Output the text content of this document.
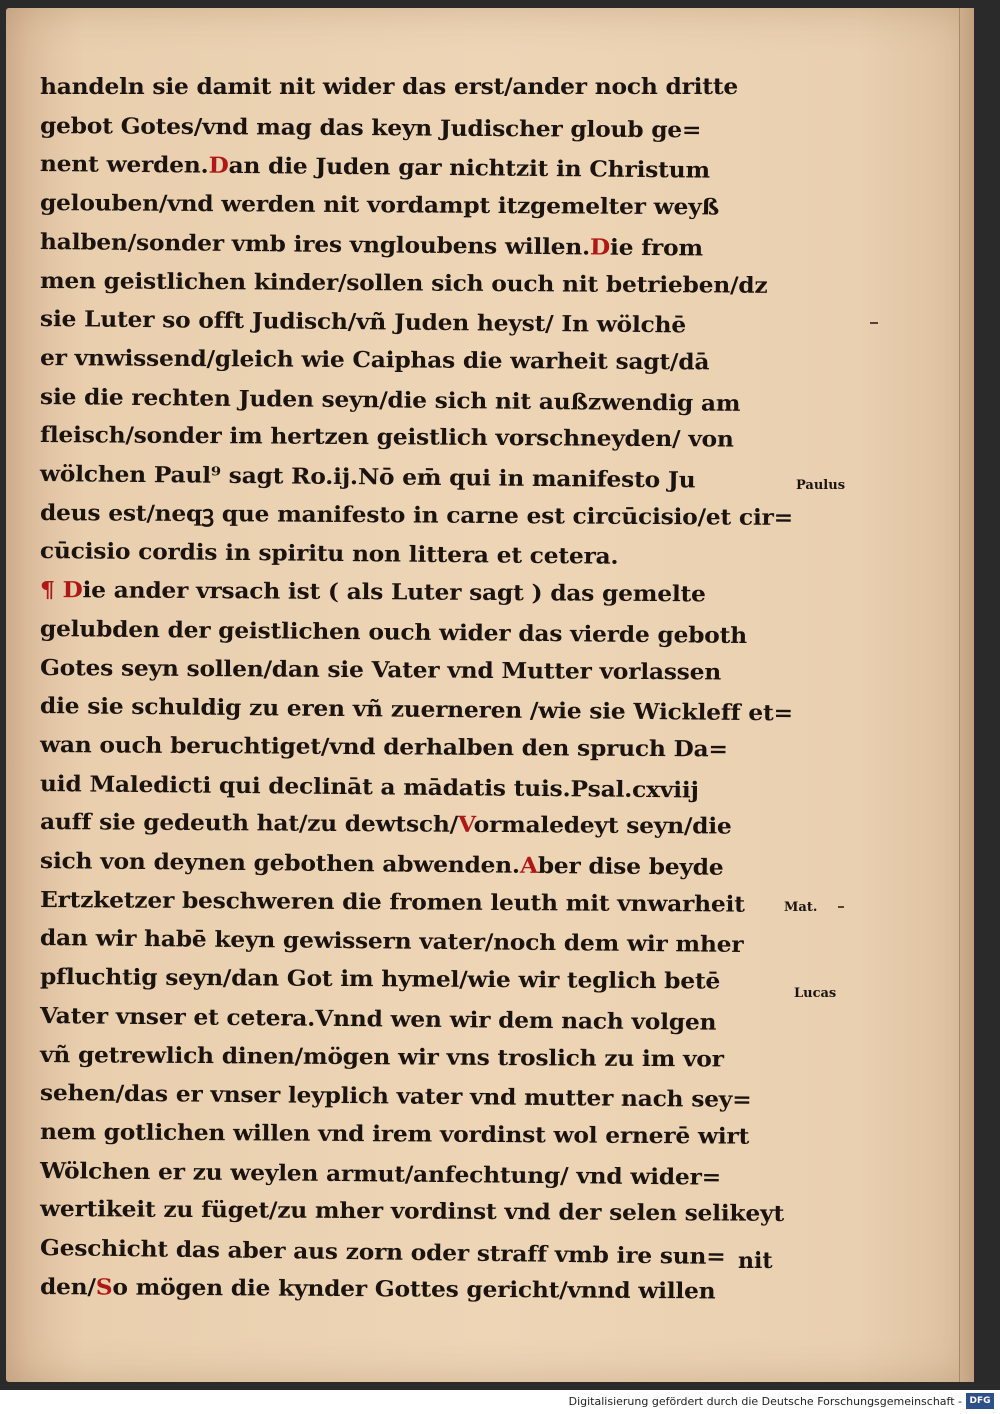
handeln sie damit nit wider das erst/ander noch dritte
gebot Gotes/vnd mag das keyn Judischer gloub ge=
nent werden.Dan die Juden gar nichtzit in Christum
gelouben/vnd werden nit vordampt itzgemelter weyß
halben/sonder vmb ires vngloubens willen.Die from
men geistlichen kinder/sollen sich ouch nit betrieben/dz
sie Luter so offt Judisch/vñ Juden heyst/ In wölchē
er vnwissend/gleich wie Caiphas die warheit sagt/dā
sie die rechten Juden seyn/die sich nit außzwendig am
fleisch/sonder im hertzen geistlich vorschneyden/ von
wölchen Paul⁹ sagt Ro.ij.Nō em̄ qui in manifesto Ju
deus est/neqꝫ que manifesto in carne est circūcisio/et cir=
cūcisio cordis in spiritu non littera et cetera.
¶ Die ander vrsach ist ( als Luter sagt ) das gemelte
gelubden der geistlichen ouch wider das vierde geboth
Gotes seyn sollen/dan sie Vater vnd Mutter vorlassen
die sie schuldig zu eren vñ zuerneren /wie sie Wickleff et=
wan ouch beruchtiget/vnd derhalben den spruch Da=
uid Maledicti qui declināt a mādatis tuis.Psal.cxviij
auff sie gedeuth hat/zu dewtsch/Vormaledeyt seyn/die
sich von deynen gebothen abwenden.Aber dise beyde
Ertzketzer beschweren die fromen leuth mit vnwarheit
dan wir habē keyn gewissern vater/noch dem wir mher
pfluchtig seyn/dan Got im hymel/wie wir teglich betē
Vater vnser et cetera.Vnnd wen wir dem nach volgen
vñ getrewlich dinen/mögen wir vns troslich zu im vor
sehen/das er vnser leyplich vater vnd mutter nach sey=
nem gotlichen willen vnd irem vordinst wol ernerē wirt
Wölchen er zu weylen armut/anfechtung/ vnd wider=
wertikeit zu füget/zu mher vordinst vnd der selen selikeyt
Geschicht das aber aus zorn oder straff vmb ire sun=
den/So mögen die kynder Gottes gericht/vnnd willen
nit
Paulus
Mat.
Lucas
Digitalisierung gefördert durch die Deutsche Forschungsgemeinschaft - DFG
